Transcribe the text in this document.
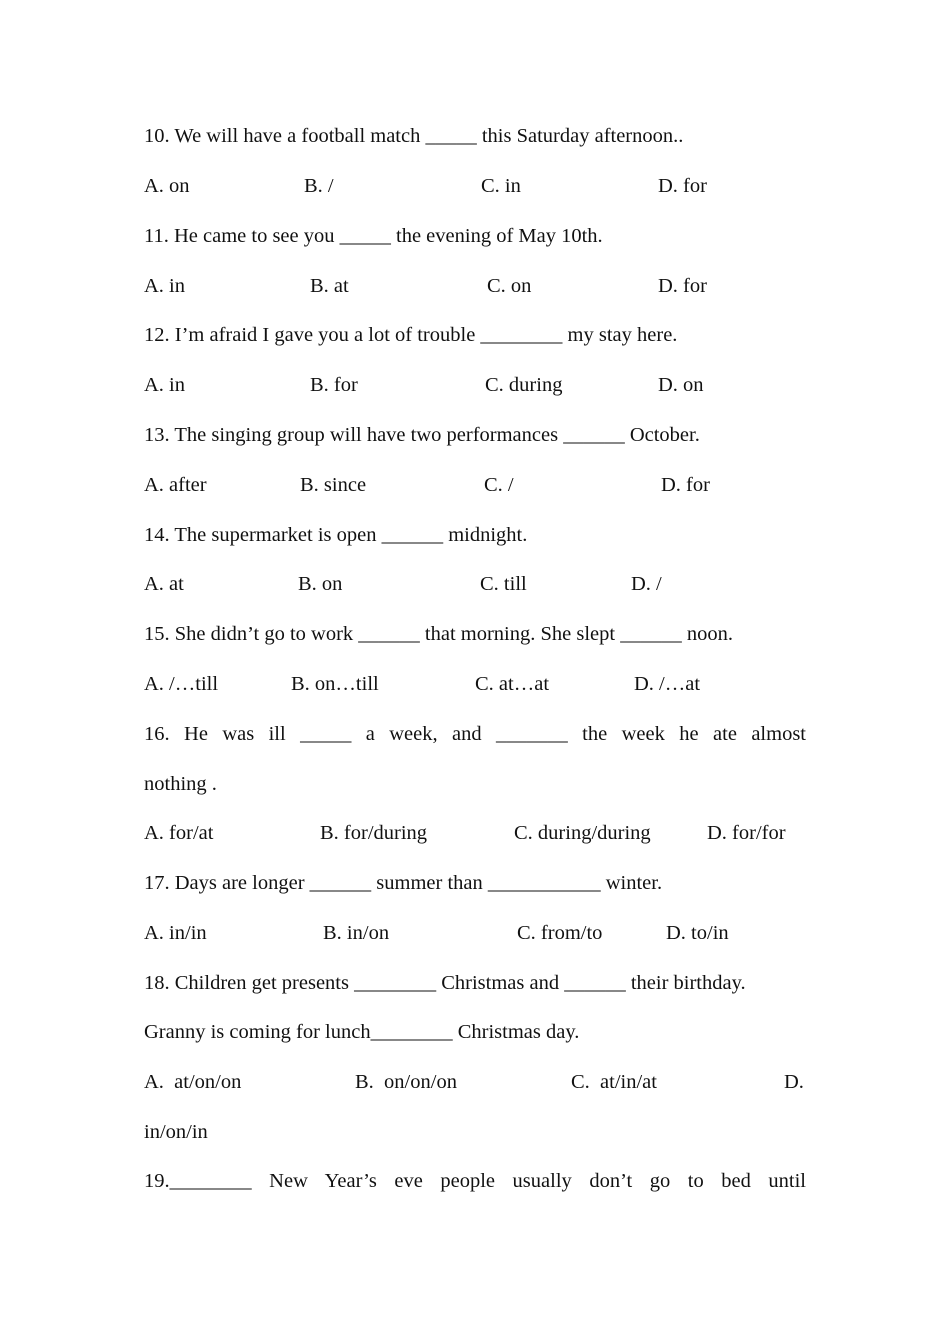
10. We will have a football match _____ this Saturday afternoon..
A. on	B. /	C. in	D. for
11. He came to see you _____ the evening of May 10th.
A. in	B. at	C. on	D. for
12. I’m afraid I gave you a lot of trouble ________ my stay here.
A. in	B. for	C. during	D. on
13. The singing group will have two performances ______ October.
A. after	B. since	C. /	D. for
14. The supermarket is open ______ midnight.
A. at	B. on	C. till	D. /
15. She didn’t go to work ______ that morning. She slept ______ noon.
A. /…till	B. on…till	C. at…at	D. /…at
16. He was ill _____ a week, and _______ the week he ate almost
nothing .
A. for/at	B. for/during	C. during/during	D. for/for
17. Days are longer ______ summer than ___________ winter.
A. in/in	B. in/on	C. from/to	D. to/in
18. Children get presents ________ Christmas and ______ their birthday.
Granny is coming for lunch________ Christmas day.
A.  at/on/on	B.  on/on/on	C.  at/in/at	D.
in/on/in
19.________ New Year’s eve people usually don’t go to bed until
